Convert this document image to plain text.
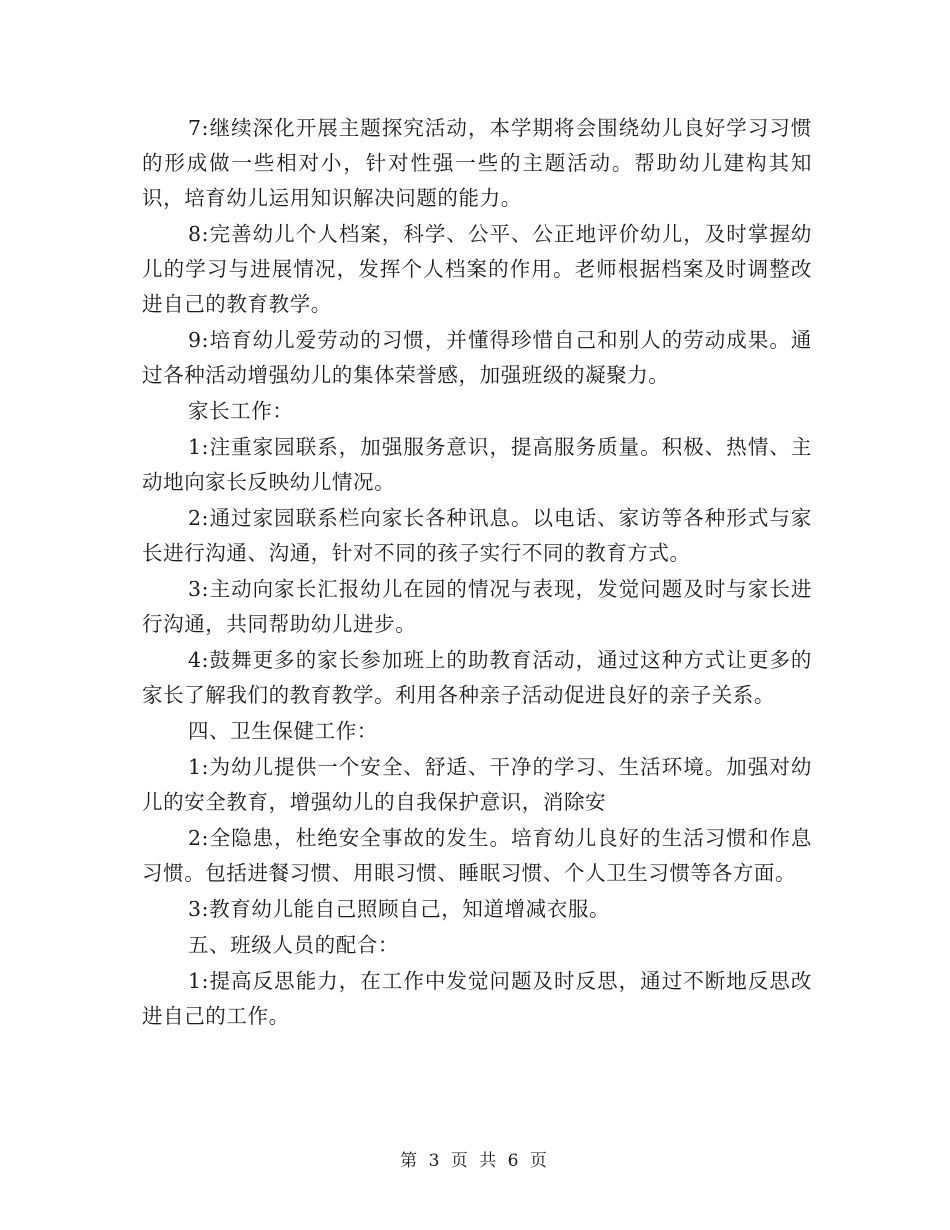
7:继续深化开展主题探究活动，本学期将会围绕幼儿良好学习习惯的形成做一些相对小，针对性强一些的主题活动。帮助幼儿建构其知识，培育幼儿运用知识解决问题的能力。

8:完善幼儿个人档案，科学、公平、公正地评价幼儿，及时掌握幼儿的学习与进展情况，发挥个人档案的作用。老师根据档案及时调整改进自己的教育教学。

9:培育幼儿爱劳动的习惯，并懂得珍惜自己和别人的劳动成果。通过各种活动增强幼儿的集体荣誉感，加强班级的凝聚力。

家长工作：

1:注重家园联系，加强服务意识，提高服务质量。积极、热情、主动地向家长反映幼儿情况。

2:通过家园联系栏向家长各种讯息。以电话、家访等各种形式与家长进行沟通、沟通，针对不同的孩子实行不同的教育方式。

3:主动向家长汇报幼儿在园的情况与表现，发觉问题及时与家长进行沟通，共同帮助幼儿进步。

4:鼓舞更多的家长参加班上的助教育活动，通过这种方式让更多的家长了解我们的教育教学。利用各种亲子活动促进良好的亲子关系。

四、卫生保健工作：

1:为幼儿提供一个安全、舒适、干净的学习、生活环境。加强对幼儿的安全教育，增强幼儿的自我保护意识，消除安

2:全隐患，杜绝安全事故的发生。培育幼儿良好的生活习惯和作息习惯。包括进餐习惯、用眼习惯、睡眠习惯、个人卫生习惯等各方面。

3:教育幼儿能自己照顾自己，知道增减衣服。

五、班级人员的配合：

1:提高反思能力，在工作中发觉问题及时反思，通过不断地反思改进自己的工作。

第 3 页 共 6 页
